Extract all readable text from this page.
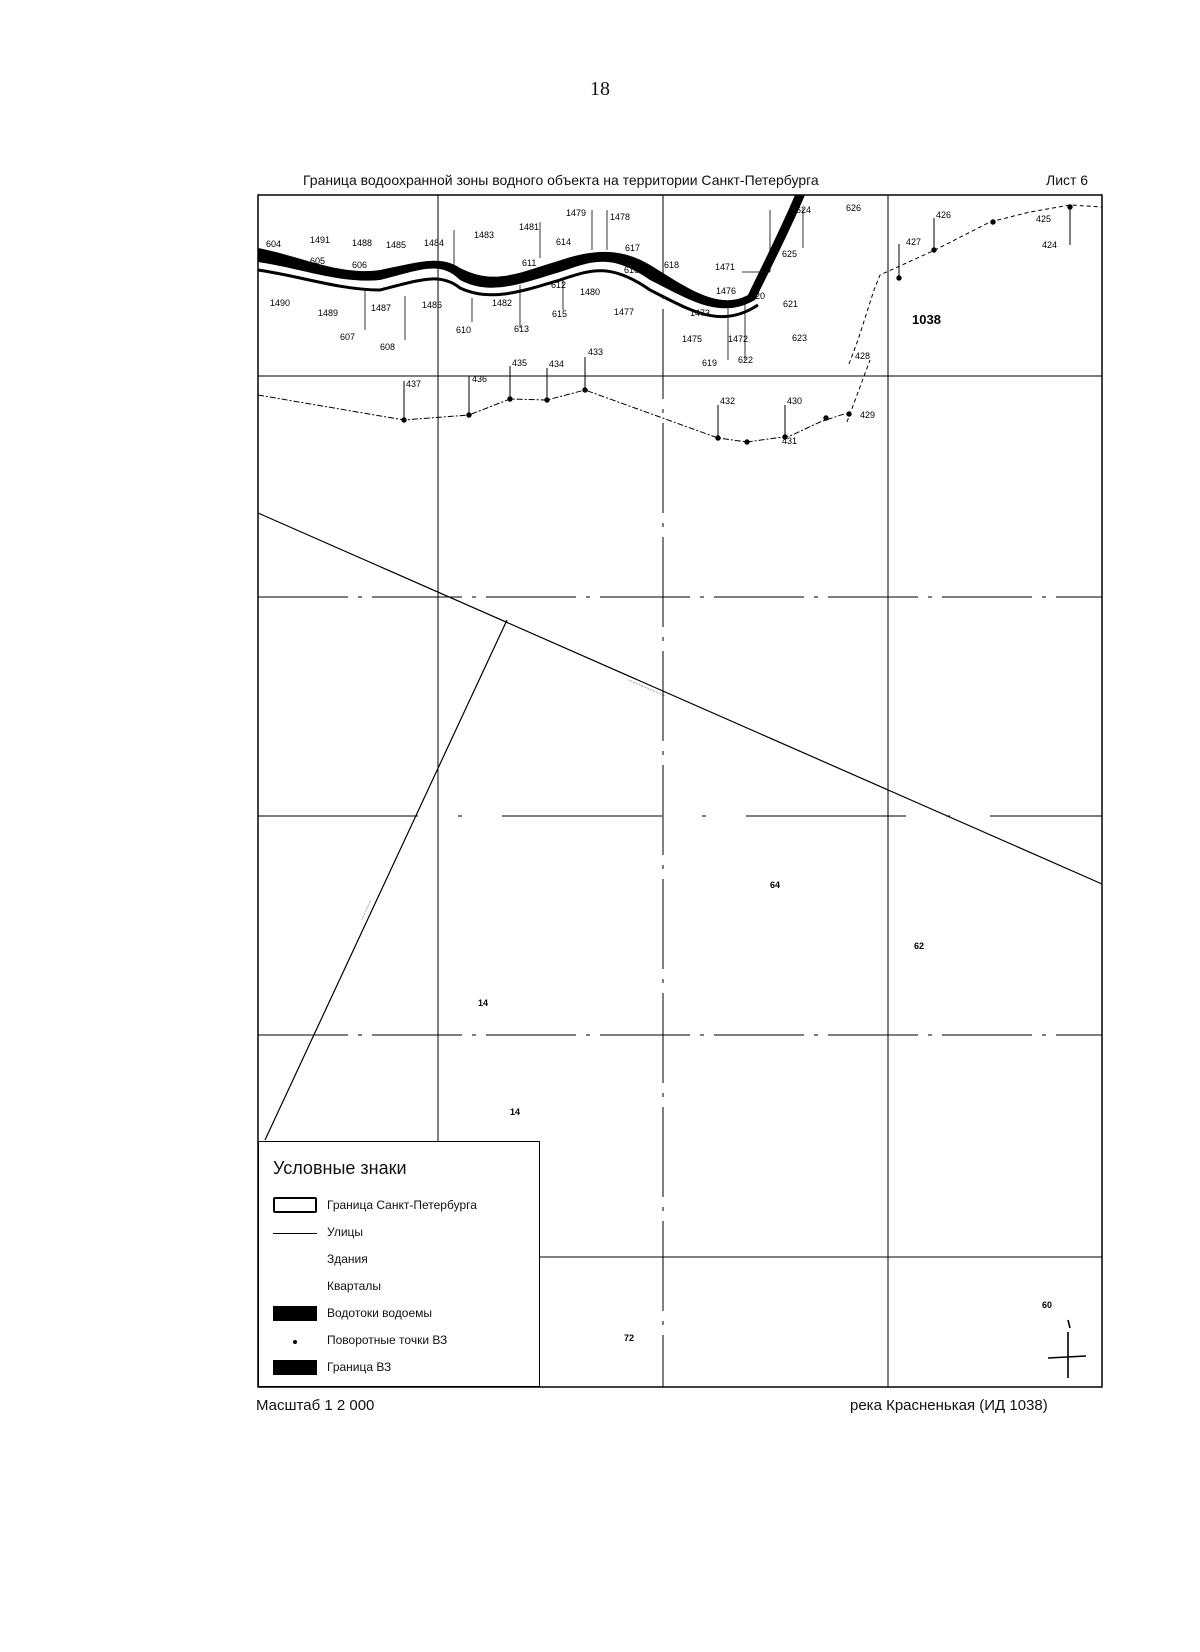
18
Граница водоохранной зоны водного объекта на территории Санкт-Петербурга	Лист 6
........................
.............
604	1491 1488 1485 1484
1483
1481
1479	1478
614
617
605	606	611
616	618	1471
624	626
625
609	612
1480	1476 620
621
1490
1489	1487	1486	1482
615	1477	1473
607
608
610	613
1475	1472	623
619 622
427
426	425
424
437	436
435 434
433
432	430
431
428
429
1038
64
62
14
14
72
60
Условные знаки
Граница Санкт-Петербурга
Улицы
Здания
Кварталы
Водотоки водоемы
Поворотные точки ВЗ
Граница ВЗ
Масштаб 1 2 000	река Красненькая (ИД 1038)
